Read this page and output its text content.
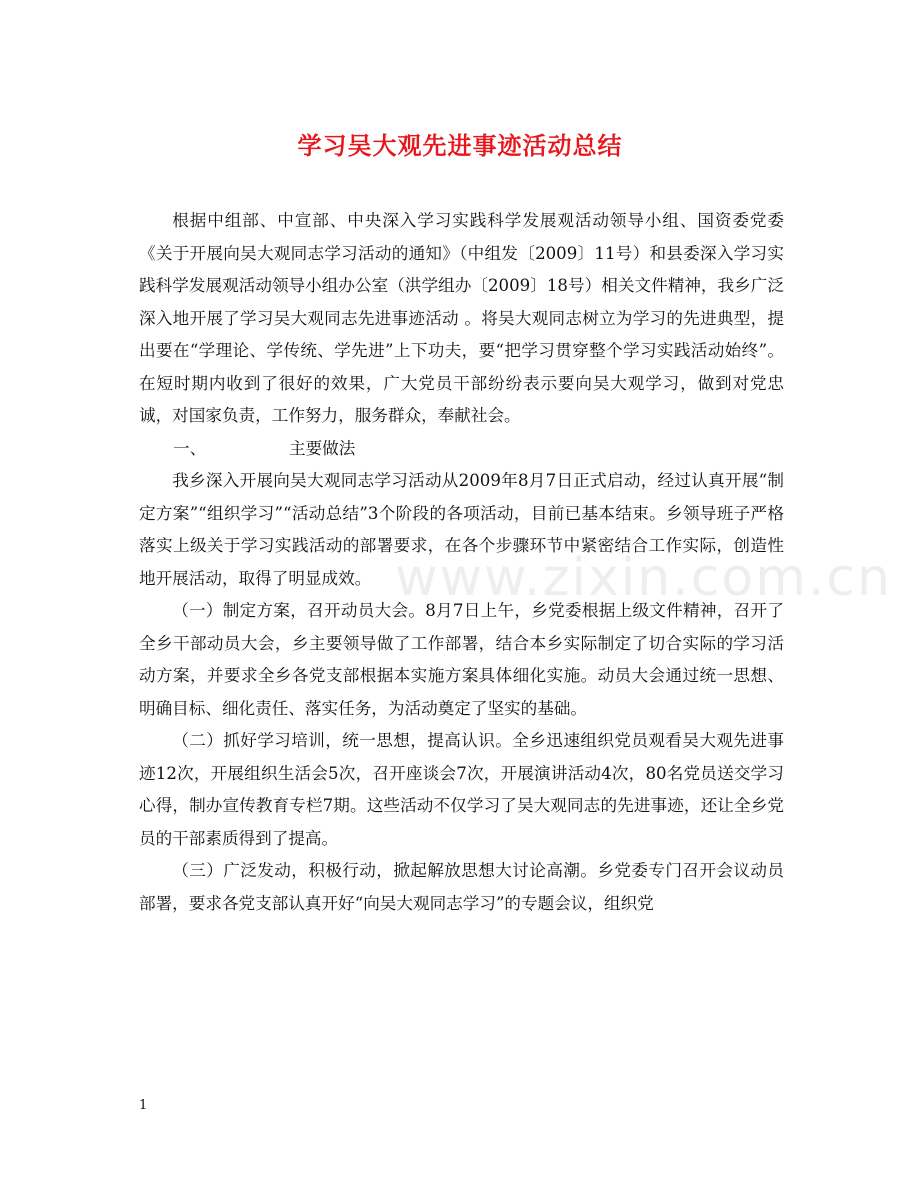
学习吴大观先进事迹活动总结

根据中组部、中宣部、中央深入学习实践科学发展观活动领导小组、国资委党委《关于开展向吴大观同志学习活动的通知》（中组发〔2009〕11号）和县委深入学习实践科学发展观活动领导小组办公室（洪学组办〔2009〕18号）相关文件精神，我乡广泛深入地开展了学习吴大观同志先进事迹活动 。将吴大观同志树立为学习的先进典型，提出要在“学理论、学传统、学先进”上下功夫，要“把学习贯穿整个学习实践活动始终”。在短时期内收到了很好的效果，广大党员干部纷纷表示要向吴大观学习，做到对党忠诚，对国家负责，工作努力，服务群众，奉献社会。

一、	主要做法

我乡深入开展向吴大观同志学习活动从2009年8月7日正式启动，经过认真开展“制定方案”“组织学习”“活动总结”3个阶段的各项活动，目前已基本结束。乡领导班子严格落实上级关于学习实践活动的部署要求，在各个步骤环节中紧密结合工作实际，创造性地开展活动，取得了明显成效。

（一）制定方案，召开动员大会。8月7日上午，乡党委根据上级文件精神，召开了全乡干部动员大会，乡主要领导做了工作部署，结合本乡实际制定了切合实际的学习活动方案，并要求全乡各党支部根据本实施方案具体细化实施。动员大会通过统一思想、明确目标、细化责任、落实任务，为活动奠定了坚实的基础。

（二）抓好学习培训，统一思想，提高认识。全乡迅速组织党员观看吴大观先进事迹12次，开展组织生活会5次，召开座谈会7次，开展演讲活动4次，80名党员送交学习心得，制办宣传教育专栏7期。这些活动不仅学习了吴大观同志的先进事迹，还让全乡党员的干部素质得到了提高。

（三）广泛发动，积极行动，掀起解放思想大讨论高潮。乡党委专门召开会议动员部署，要求各党支部认真开好“向吴大观同志学习”的专题会议，组织党

www.zixin.com.cn
1
